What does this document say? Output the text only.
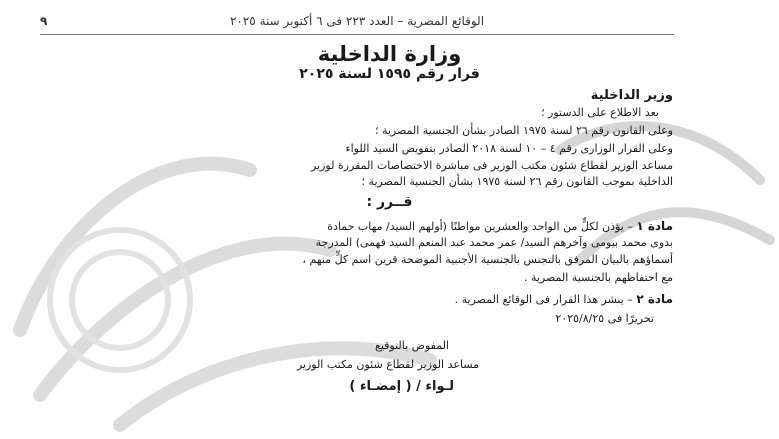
٩	الوقائع المصرية – العدد ٢٢٣ فى ٦ أكتوبر سنة ٢٠٢٥
وزارة الداخلية
قرار رقم ١٥٩٥ لسنة ٢٠٢٥
وزير الداخلية
بعد الاطلاع على الدستور ؛
وعلى القانون رقم ٢٦ لسنة ١٩٧٥ الصادر بشأن الجنسية المصرية ؛
وعلى القرار الوزارى رقم ٤ – ١٠ لسنة ٢٠١٨ الصادر بتفويض السيد اللواء
مساعد الوزير لقطاع شئون مكتب الوزير فى مباشرة الاختصاصات المقررة لوزير
الداخلية بموجب القانون رقم ٢٦ لسنة ١٩٧٥ بشأن الجنسية المصرية ؛
قــرر :
مادة ١ – يؤذن لكلٍّ من الواحد والعشرين مواطنًا (أولهم السيد/ مهاب حمادة
بدوى محمد بيومى وآخرهم السيد/ عمر محمد عبد المنعم السيد فهمى) المدرجة
أسماؤهم بالبيان المرفق بالتجنس بالجنسية الأجنبية الموضحة قرين اسم كلٍّ منهم ،
مع احتفاظهم بالجنسية المصرية .
مادة ٢ – ينشر هذا القرار فى الوقائع المصرية .
تحريرًا فى ٢٠٢٥/٨/٢٥
المفوض بالتوقيع
مساعد الوزير لقطاع شئون مكتب الوزير
لـواء / ( إمضـاء )
